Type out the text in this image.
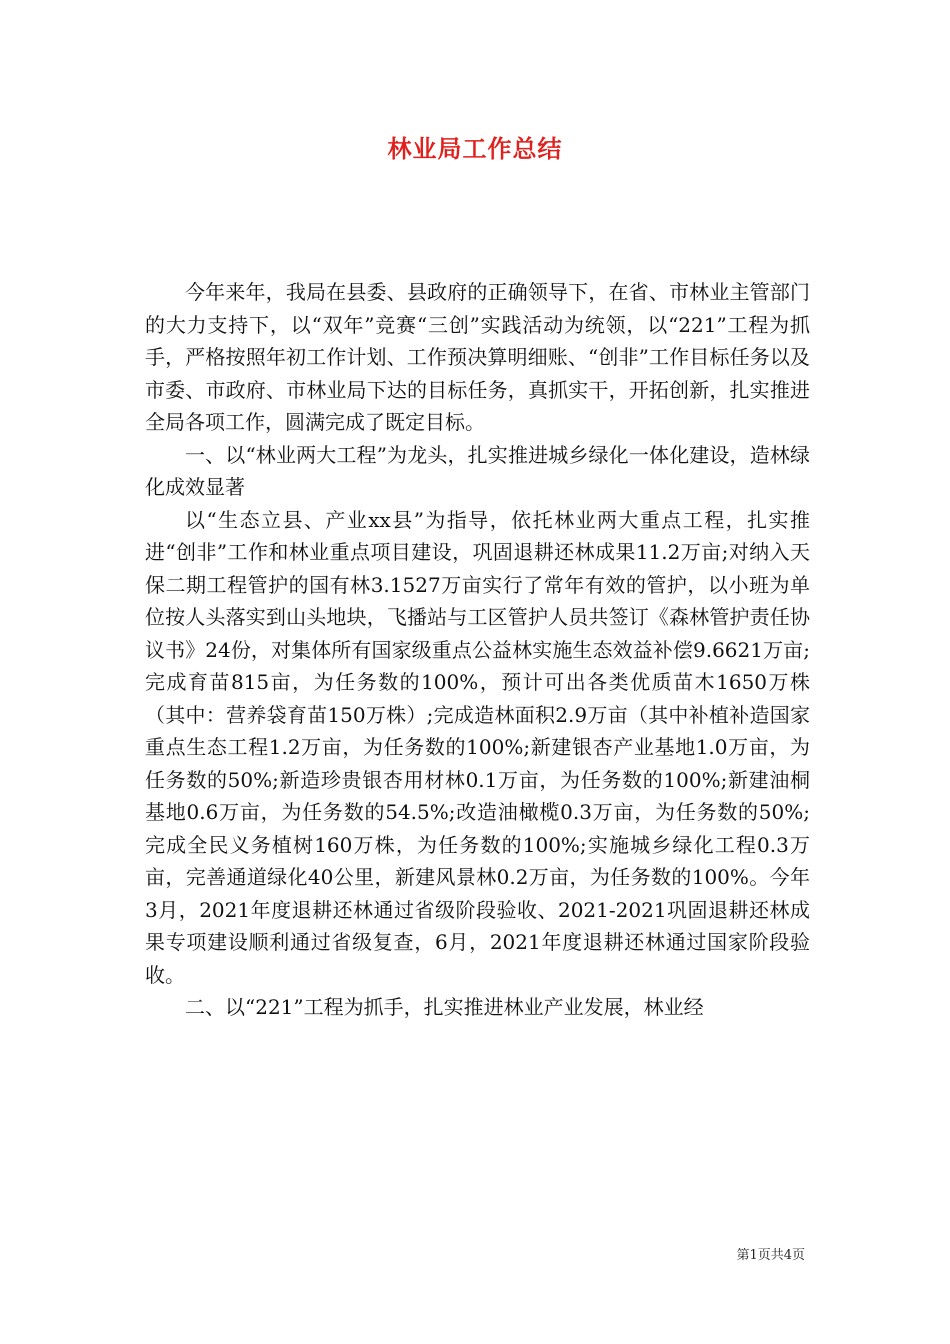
林业局工作总结

今年来年，我局在县委、县政府的正确领导下，在省、市林业主管部门的大力支持下，以“双年”竞赛“三创”实践活动为统领，以“221”工程为抓手，严格按照年初工作计划、工作预决算明细账、“创非”工作目标任务以及市委、市政府、市林业局下达的目标任务，真抓实干，开拓创新，扎实推进全局各项工作，圆满完成了既定目标。

一、以“林业两大工程”为龙头，扎实推进城乡绿化一体化建设，造林绿化成效显著

以“生态立县、产业xx县”为指导，依托林业两大重点工程，扎实推进“创非”工作和林业重点项目建设，巩固退耕还林成果11.2万亩;对纳入天保二期工程管护的国有林3.1527万亩实行了常年有效的管护，以小班为单位按人头落实到山头地块，飞播站与工区管护人员共签订《森林管护责任协议书》24份，对集体所有国家级重点公益林实施生态效益补偿9.6621万亩;完成育苗815亩，为任务数的100%，预计可出各类优质苗木1650万株（其中：营养袋育苗150万株）;完成造林面积2.9万亩（其中补植补造国家重点生态工程1.2万亩，为任务数的100%;新建银杏产业基地1.0万亩，为任务数的50%;新造珍贵银杏用材林0.1万亩，为任务数的100%;新建油桐基地0.6万亩，为任务数的54.5%;改造油橄榄0.3万亩，为任务数的50%;完成全民义务植树160万株，为任务数的100%;实施城乡绿化工程0.3万亩，完善通道绿化40公里，新建风景林0.2万亩，为任务数的100%。今年3月，2021年度退耕还林通过省级阶段验收、2021-2021巩固退耕还林成果专项建设顺利通过省级复查，6月，2021年度退耕还林通过国家阶段验收。

二、以“221”工程为抓手，扎实推进林业产业发展，林业经

第1页共4页
